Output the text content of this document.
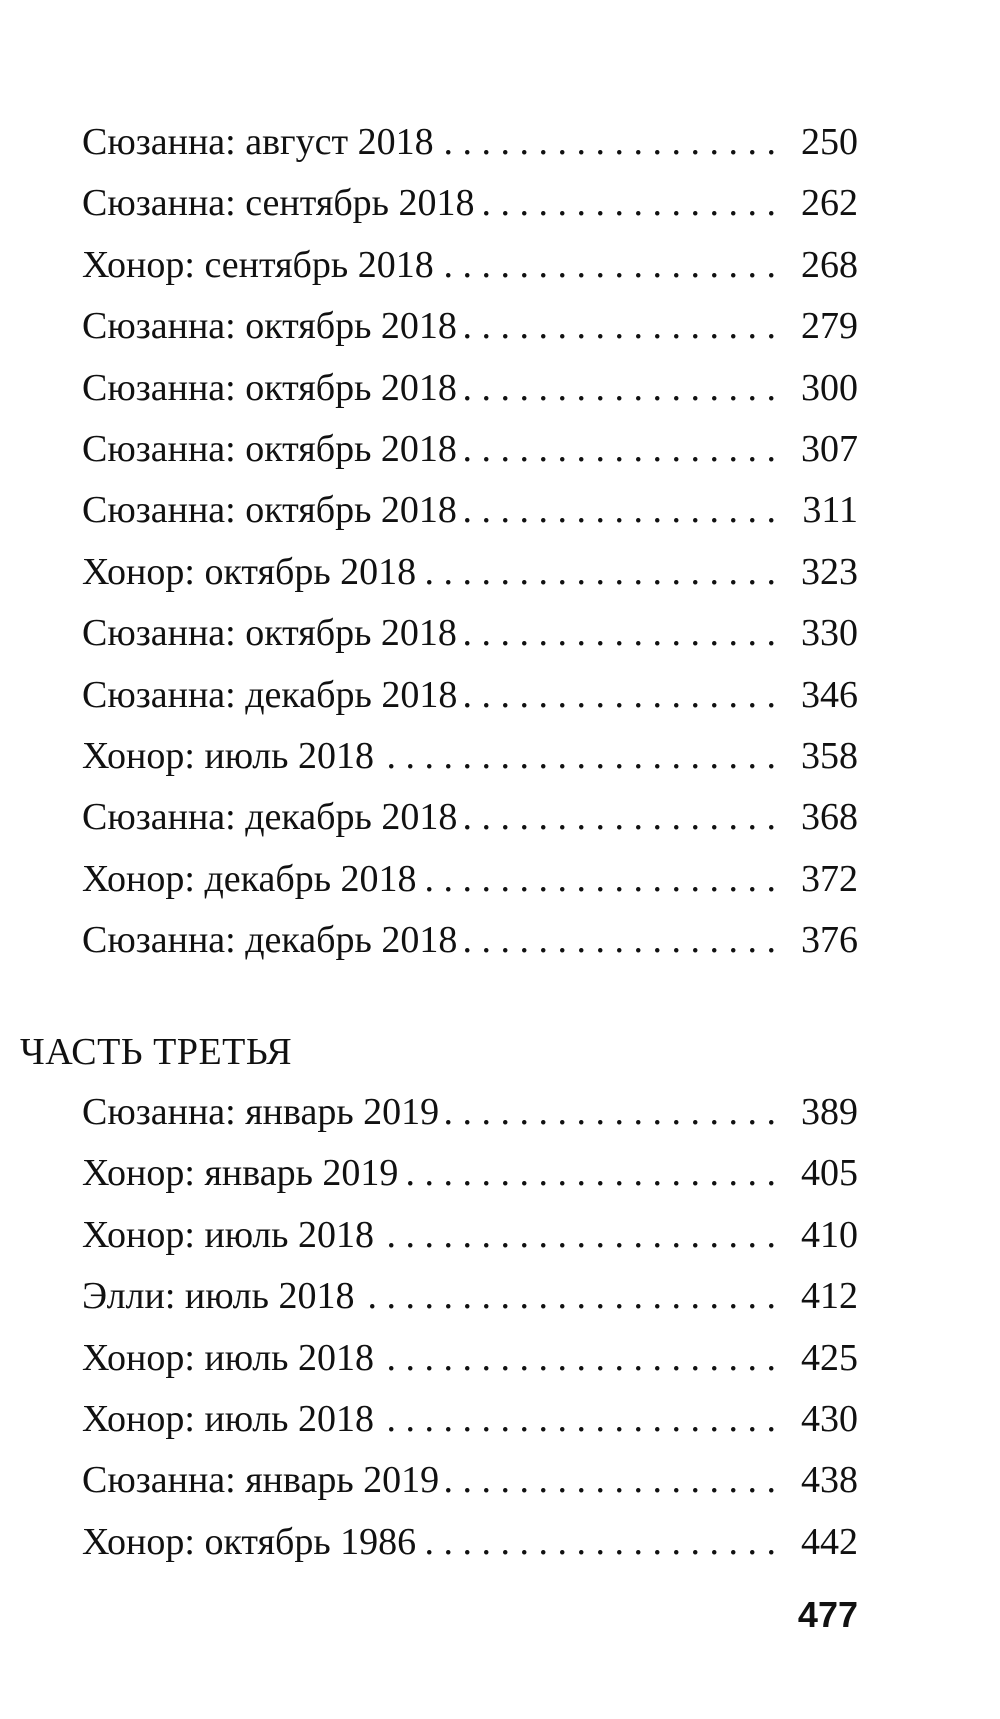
Сюзанна: август 2018 . . .	250
Сюзанна: сентябрь 2018 . . .	262
Хонор: сентябрь 2018 . . .	268
Сюзанна: октябрь 2018 . . .	279
Сюзанна: октябрь 2018 . . .	300
Сюзанна: октябрь 2018 . . .	307
Сюзанна: октябрь 2018 . . .	311
Хонор: октябрь 2018 . . .	323
Сюзанна: октябрь 2018 . . .	330
Сюзанна: декабрь 2018 . . .	346
Хонор: июль 2018 . . .	358
Сюзанна: декабрь 2018 . . .	368
Хонор: декабрь 2018 . . .	372
Сюзанна: декабрь 2018 . . .	376
ЧАСТЬ ТРЕТЬЯ
Сюзанна: январь 2019 . . .	389
Хонор: январь 2019 . . .	405
Хонор: июль 2018 . . .	410
Элли: июль 2018 . . .	412
Хонор: июль 2018 . . .	425
Хонор: июль 2018 . . .	430
Сюзанна: январь 2019 . . .	438
Хонор: октябрь 1986 . . .	442
477
